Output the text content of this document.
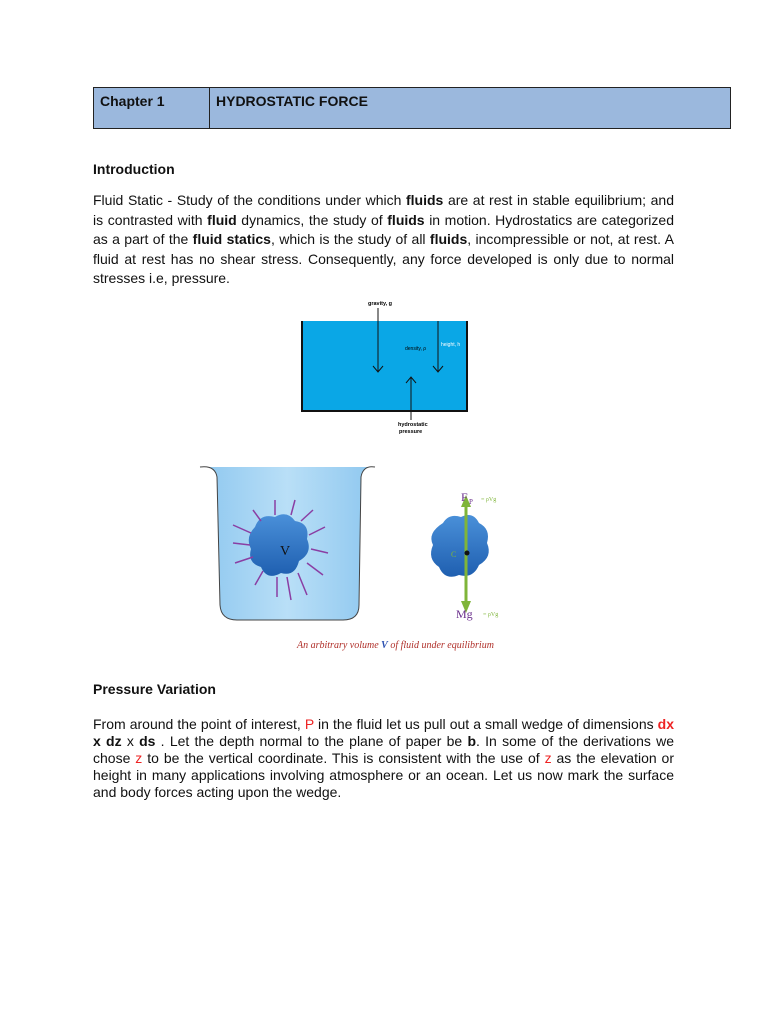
Chapter 1	HYDROSTATIC FORCE
Introduction
Fluid Static - Study of the conditions under which fluids are at rest in stable equilibrium; and is contrasted with fluid dynamics, the study of fluids in motion. Hydrostatics are categorized as a part of the fluid statics, which is the study of all fluids, incompressible or not, at rest. A fluid at rest has no shear stress. Consequently, any force developed is only due to normal stresses i.e, pressure.
gravity, g
density, ρ
height, h
hydrostatic
pressure
V	C
F P = ρVg
Mg = ρVg
An arbitrary volume V of fluid under equilibrium
Pressure Variation
From around the point of interest, P in the fluid let us pull out a small wedge of dimensions dx x dz x ds . Let the depth normal to the plane of paper be b. In some of the derivations we chose z to be the vertical coordinate. This is consistent with the use of z as the elevation or height in many applications involving atmosphere or an ocean. Let us now mark the surface and body forces acting upon the wedge.
